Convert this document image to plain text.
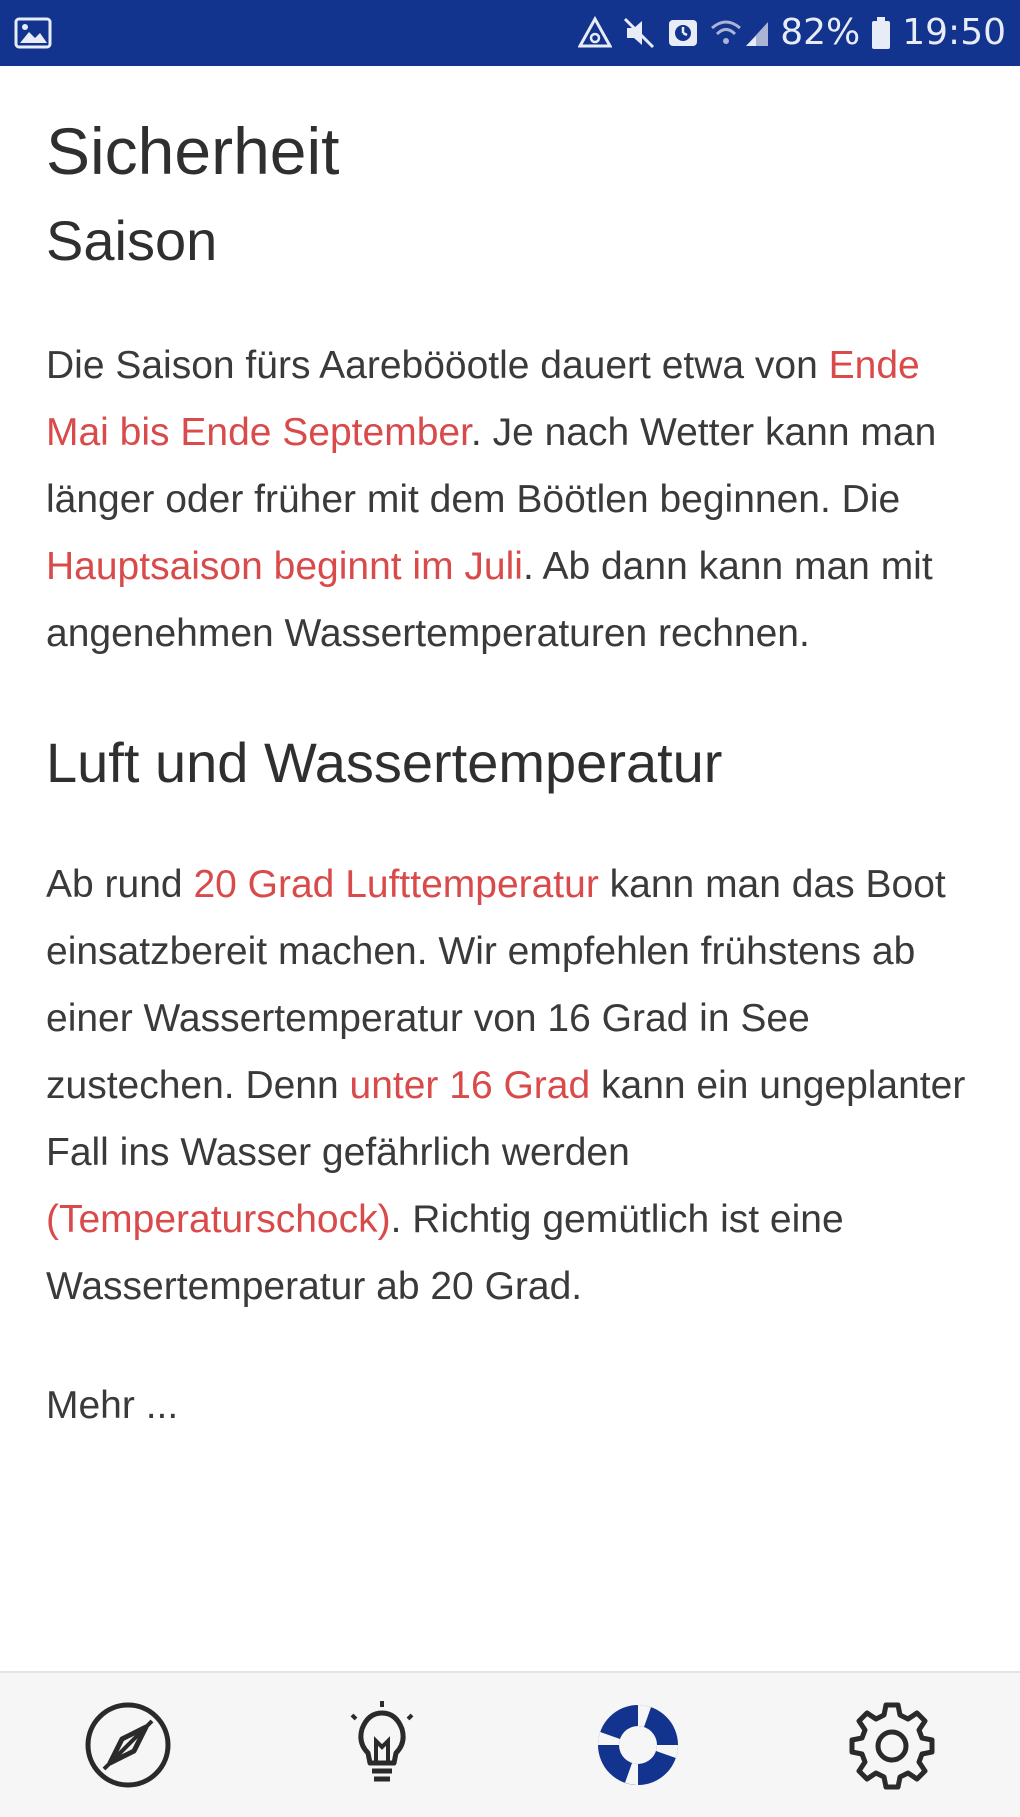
82% 19:50
Sicherheit
Saison

Die Saison fürs Aarebööotle dauert etwa von Ende Mai bis Ende September. Je nach Wetter kann man länger oder früher mit dem Böötlen beginnen. Die Hauptsaison beginnt im Juli. Ab dann kann man mit angenehmen Wassertemperaturen rechnen.

Luft und Wassertemperatur

Ab rund 20 Grad Lufttemperatur kann man das Boot einsatzbereit machen. Wir empfehlen frühstens ab einer Wassertemperatur von 16 Grad in See zustechen. Denn unter 16 Grad kann ein ungeplanter Fall ins Wasser gefährlich werden (Temperaturschock). Richtig gemütlich ist eine Wassertemperatur ab 20 Grad.

Mehr ...
